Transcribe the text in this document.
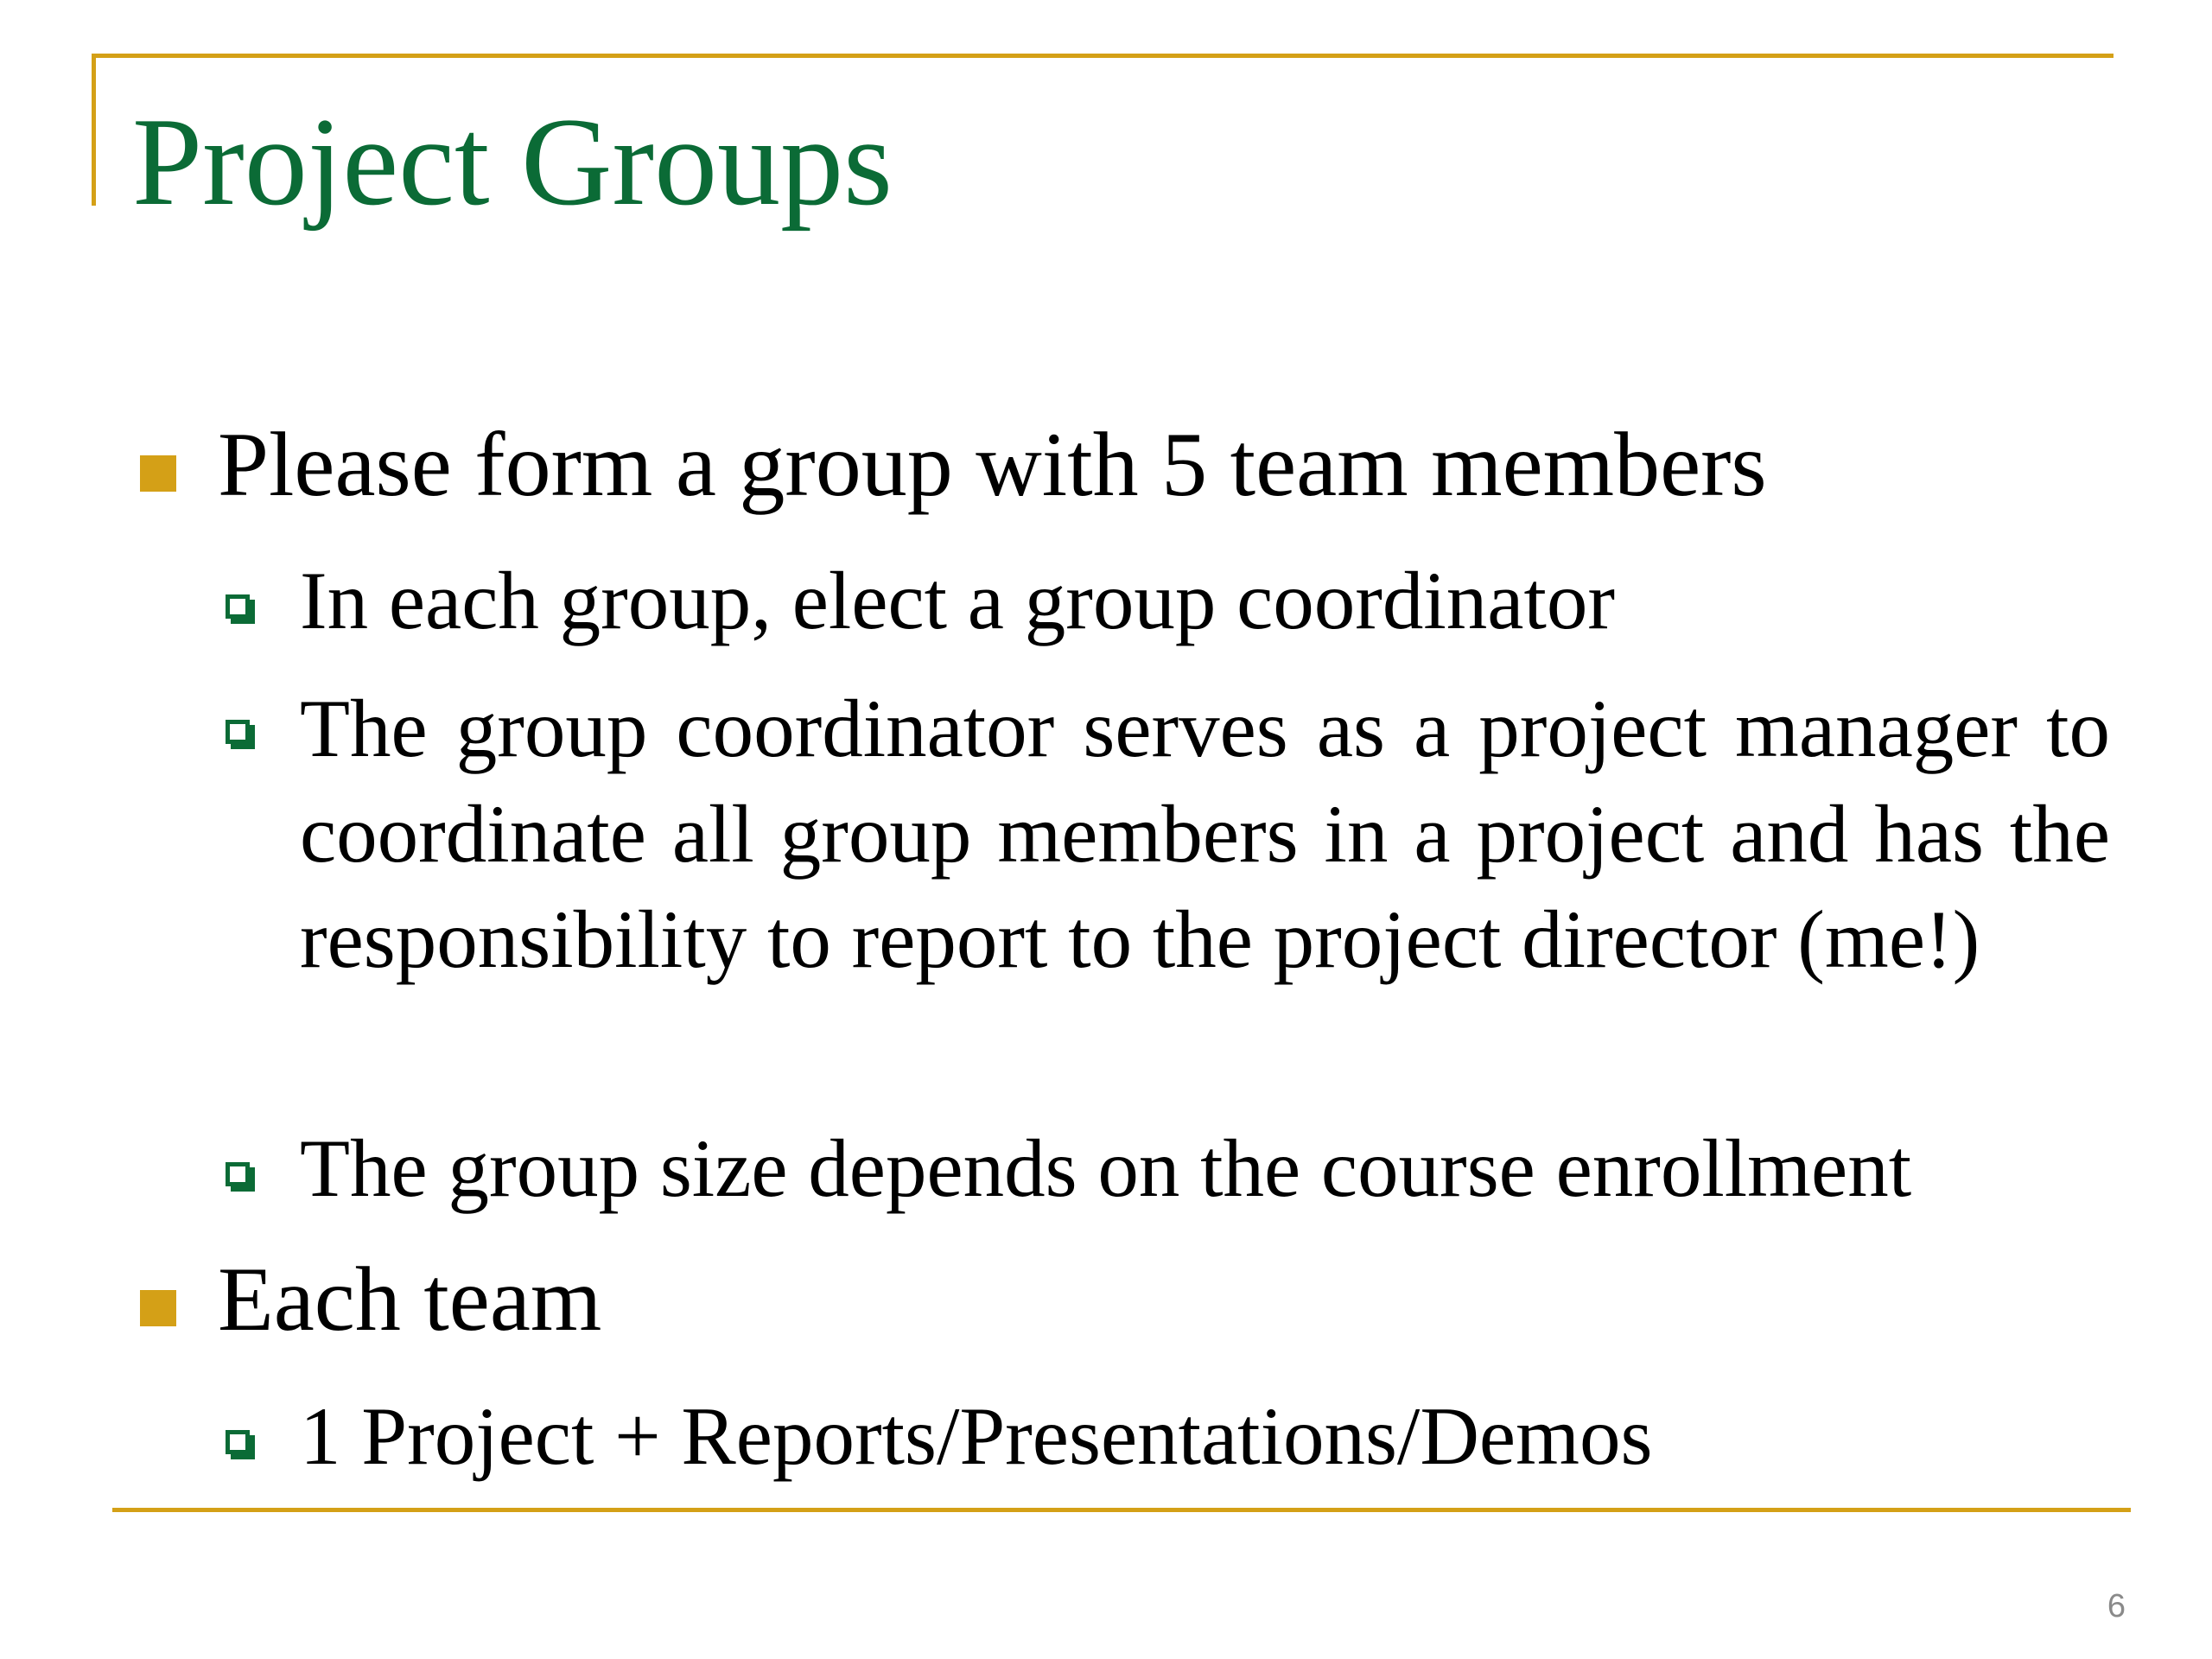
Project Groups

Please form a group with 5 team members

In each group, elect a group coordinator

The group coordinator serves as a project manager to coordinate all group members in a project and has the responsibility to report to the project director (me!)

The group size depends on the course enrollment

Each team

1 Project + Reports/Presentations/Demos

6
